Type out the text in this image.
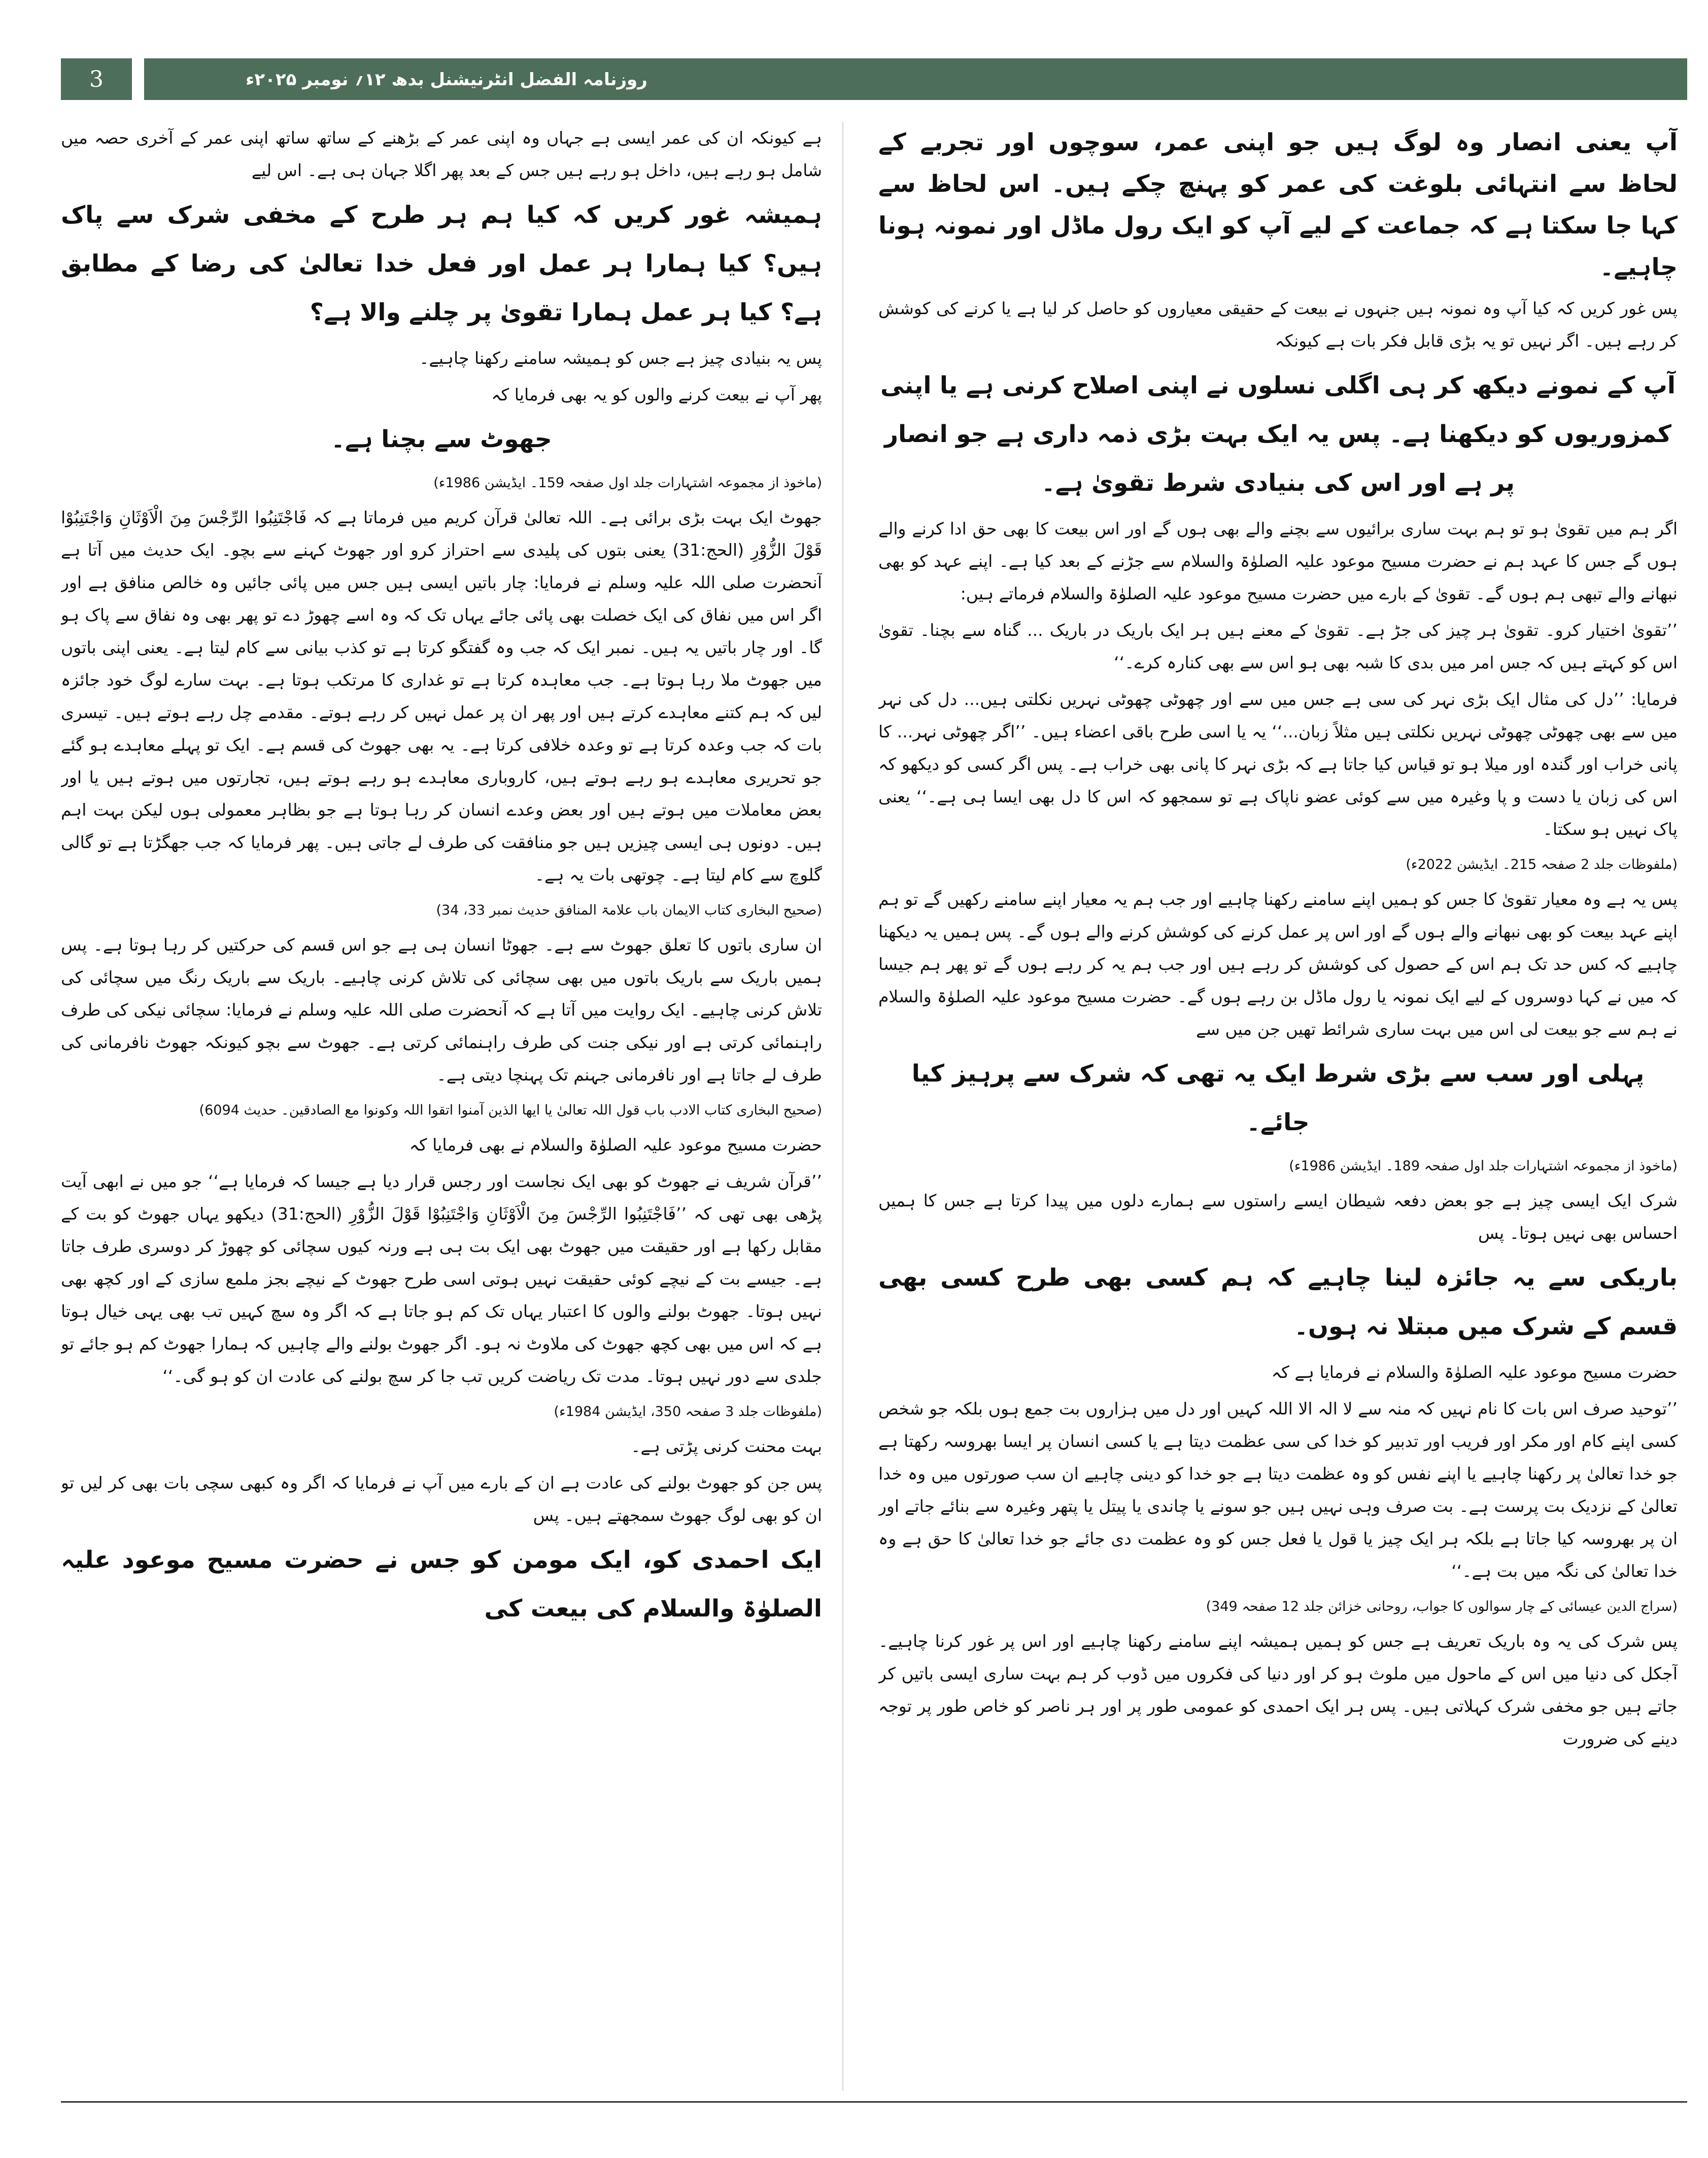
3	روزنامہ الفضل انٹرنیشنل بدھ ۱۲؍ نومبر ۲۰۲۵ء

آپ یعنی انصار وہ لوگ ہیں جو اپنی عمر، سوچوں اور تجربے کے لحاظ سے انتہائی بلوغت کی عمر کو پہنچ چکے ہیں۔ اس لحاظ سے کہا جا سکتا ہے کہ جماعت کے لیے آپ کو ایک رول ماڈل اور نمونہ ہونا چاہیے۔

پس غور کریں کہ کیا آپ وہ نمونہ ہیں جنہوں نے بیعت کے حقیقی معیاروں کو حاصل کر لیا ہے یا کرنے کی کوشش کر رہے ہیں۔ اگر نہیں تو یہ بڑی قابل فکر بات ہے کیونکہ

آپ کے نمونے دیکھ کر ہی اگلی نسلوں نے اپنی اصلاح کرنی ہے یا اپنی کمزوریوں کو دیکھنا ہے۔ پس یہ ایک بہت بڑی ذمہ داری ہے جو انصار پر ہے اور اس کی بنیادی شرط تقویٰ ہے۔

اگر ہم میں تقویٰ ہو تو ہم بہت ساری برائیوں سے بچنے والے بھی ہوں گے اور اس بیعت کا بھی حق ادا کرنے والے ہوں گے جس کا عہد ہم نے حضرت مسیح موعود علیہ الصلوٰۃ والسلام سے جڑنے کے بعد کیا ہے۔ اپنے عہد کو بھی نبھانے والے تبھی ہم ہوں گے۔ تقویٰ کے بارے میں حضرت مسیح موعود علیہ الصلوٰۃ والسلام فرماتے ہیں:

’’تقویٰ اختیار کرو۔ تقویٰ ہر چیز کی جڑ ہے۔ تقویٰ کے معنے ہیں ہر ایک باریک در باریک ... گناہ سے بچنا۔ تقویٰ اس کو کہتے ہیں کہ جس امر میں بدی کا شبہ بھی ہو اس سے بھی کنارہ کرے۔‘‘

فرمایا: ’’دل کی مثال ایک بڑی نہر کی سی ہے جس میں سے اور چھوٹی چھوٹی نہریں نکلتی ہیں... دل کی نہر میں سے بھی چھوٹی چھوٹی نہریں نکلتی ہیں مثلاً زبان...‘‘ یہ یا اسی طرح باقی اعضاء ہیں۔ ’’اگر چھوٹی نہر... کا پانی خراب اور گندہ اور میلا ہو تو قیاس کیا جاتا ہے کہ بڑی نہر کا پانی بھی خراب ہے۔ پس اگر کسی کو دیکھو کہ اس کی زبان یا دست و پا وغیرہ میں سے کوئی عضو ناپاک ہے تو سمجھو کہ اس کا دل بھی ایسا ہی ہے۔‘‘ یعنی پاک نہیں ہو سکتا۔

(ملفوظات جلد 2 صفحہ 215۔ ایڈیشن 2022ء)

پس یہ ہے وہ معیار تقویٰ کا جس کو ہمیں اپنے سامنے رکھنا چاہیے اور جب ہم یہ معیار اپنے سامنے رکھیں گے تو ہم اپنے عہد بیعت کو بھی نبھانے والے ہوں گے اور اس پر عمل کرنے کی کوشش کرنے والے ہوں گے۔ پس ہمیں یہ دیکھنا چاہیے کہ کس حد تک ہم اس کے حصول کی کوشش کر رہے ہیں اور جب ہم یہ کر رہے ہوں گے تو پھر ہم جیسا کہ میں نے کہا دوسروں کے لیے ایک نمونہ یا رول ماڈل بن رہے ہوں گے۔ حضرت مسیح موعود علیہ الصلوٰۃ والسلام نے ہم سے جو بیعت لی اس میں بہت ساری شرائط تھیں جن میں سے

پہلی اور سب سے بڑی شرط ایک یہ تھی کہ شرک سے پرہیز کیا جائے۔

(ماخوذ از مجموعہ اشتہارات جلد اول صفحہ 189۔ ایڈیشن 1986ء)

شرک ایک ایسی چیز ہے جو بعض دفعہ شیطان ایسے راستوں سے ہمارے دلوں میں پیدا کرتا ہے جس کا ہمیں احساس بھی نہیں ہوتا۔ پس

باریکی سے یہ جائزہ لینا چاہیے کہ ہم کسی بھی طرح کسی بھی قسم کے شرک میں مبتلا نہ ہوں۔

حضرت مسیح موعود علیہ الصلوٰۃ والسلام نے فرمایا ہے کہ

’’توحید صرف اس بات کا نام نہیں کہ منہ سے لا الہ الا اللہ کہیں اور دل میں ہزاروں بت جمع ہوں بلکہ جو شخص کسی اپنے کام اور مکر اور فریب اور تدبیر کو خدا کی سی عظمت دیتا ہے یا کسی انسان پر ایسا بھروسہ رکھتا ہے جو خدا تعالیٰ پر رکھنا چاہیے یا اپنے نفس کو وہ عظمت دیتا ہے جو خدا کو دینی چاہیے ان سب صورتوں میں وہ خدا تعالیٰ کے نزدیک بت پرست ہے۔ بت صرف وہی نہیں ہیں جو سونے یا چاندی یا پیتل یا پتھر وغیرہ سے بنائے جاتے اور ان پر بھروسہ کیا جاتا ہے بلکہ ہر ایک چیز یا قول یا فعل جس کو وہ عظمت دی جائے جو خدا تعالیٰ کا حق ہے وہ خدا تعالیٰ کی نگہ میں بت ہے۔‘‘

(سراج الدین عیسائی کے چار سوالوں کا جواب، روحانی خزائن جلد 12 صفحہ 349)

پس شرک کی یہ وہ باریک تعریف ہے جس کو ہمیں ہمیشہ اپنے سامنے رکھنا چاہیے اور اس پر غور کرنا چاہیے۔ آجکل کی دنیا میں اس کے ماحول میں ملوث ہو کر اور دنیا کی فکروں میں ڈوب کر ہم بہت ساری ایسی باتیں کر جاتے ہیں جو مخفی شرک کہلاتی ہیں۔ پس ہر ایک احمدی کو عمومی طور پر اور ہر ناصر کو خاص طور پر توجہ دینے کی ضرورت

ہے کیونکہ ان کی عمر ایسی ہے جہاں وہ اپنی عمر کے بڑھنے کے ساتھ ساتھ اپنی عمر کے آخری حصہ میں شامل ہو رہے ہیں، داخل ہو رہے ہیں جس کے بعد پھر اگلا جہان ہی ہے۔ اس لیے

ہمیشہ غور کریں کہ کیا ہم ہر طرح کے مخفی شرک سے پاک ہیں؟ کیا ہمارا ہر عمل اور فعل خدا تعالیٰ کی رضا کے مطابق ہے؟ کیا ہر عمل ہمارا تقویٰ پر چلنے والا ہے؟

پس یہ بنیادی چیز ہے جس کو ہمیشہ سامنے رکھنا چاہیے۔

پھر آپ نے بیعت کرنے والوں کو یہ بھی فرمایا کہ

جھوٹ سے بچنا ہے۔

(ماخوذ از مجموعہ اشتہارات جلد اول صفحہ 159۔ ایڈیشن 1986ء)

جھوٹ ایک بہت بڑی برائی ہے۔ اللہ تعالیٰ قرآن کریم میں فرماتا ہے کہ فَاجْتَنِبُوا الرِّجْسَ مِنَ الْاَوْثَانِ وَاجْتَنِبُوْا قَوْلَ الزُّوْرِ (الحج:31) یعنی بتوں کی پلیدی سے احتراز کرو اور جھوٹ کہنے سے بچو۔ ایک حدیث میں آتا ہے آنحضرت صلی اللہ علیہ وسلم نے فرمایا: چار باتیں ایسی ہیں جس میں پائی جائیں وہ خالص منافق ہے اور اگر اس میں نفاق کی ایک خصلت بھی پائی جائے یہاں تک کہ وہ اسے چھوڑ دے تو پھر بھی وہ نفاق سے پاک ہو گا۔ اور چار باتیں یہ ہیں۔ نمبر ایک کہ جب وہ گفتگو کرتا ہے تو کذب بیانی سے کام لیتا ہے۔ یعنی اپنی باتوں میں جھوٹ ملا رہا ہوتا ہے۔ جب معاہدہ کرتا ہے تو غداری کا مرتکب ہوتا ہے۔ بہت سارے لوگ خود جائزہ لیں کہ ہم کتنے معاہدے کرتے ہیں اور پھر ان پر عمل نہیں کر رہے ہوتے۔ مقدمے چل رہے ہوتے ہیں۔ تیسری بات کہ جب وعدہ کرتا ہے تو وعدہ خلافی کرتا ہے۔ یہ بھی جھوٹ کی قسم ہے۔ ایک تو پہلے معاہدے ہو گئے جو تحریری معاہدے ہو رہے ہوتے ہیں، کاروباری معاہدے ہو رہے ہوتے ہیں، تجارتوں میں ہوتے ہیں یا اور بعض معاملات میں ہوتے ہیں اور بعض وعدے انسان کر رہا ہوتا ہے جو بظاہر معمولی ہوں لیکن بہت اہم ہیں۔ دونوں ہی ایسی چیزیں ہیں جو منافقت کی طرف لے جاتی ہیں۔ پھر فرمایا کہ جب جھگڑتا ہے تو گالی گلوچ سے کام لیتا ہے۔ چوتھی بات یہ ہے۔

(صحیح البخاری کتاب الایمان باب علامۃ المنافق حدیث نمبر 33، 34)

ان ساری باتوں کا تعلق جھوٹ سے ہے۔ جھوٹا انسان ہی ہے جو اس قسم کی حرکتیں کر رہا ہوتا ہے۔ پس ہمیں باریک سے باریک باتوں میں بھی سچائی کی تلاش کرنی چاہیے۔ باریک سے باریک رنگ میں سچائی کی تلاش کرنی چاہیے۔ ایک روایت میں آتا ہے کہ آنحضرت صلی اللہ علیہ وسلم نے فرمایا: سچائی نیکی کی طرف راہنمائی کرتی ہے اور نیکی جنت کی طرف راہنمائی کرتی ہے۔ جھوٹ سے بچو کیونکہ جھوٹ نافرمانی کی طرف لے جاتا ہے اور نافرمانی جہنم تک پہنچا دیتی ہے۔

(صحیح البخاری کتاب الادب باب قول اللہ تعالیٰ یا ایھا الذین آمنوا اتقوا اللہ وکونوا مع الصادقین۔ حدیث 6094)

حضرت مسیح موعود علیہ الصلوٰۃ والسلام نے بھی فرمایا کہ

’’قرآن شریف نے جھوٹ کو بھی ایک نجاست اور رجس قرار دیا ہے جیسا کہ فرمایا ہے‘‘ جو میں نے ابھی آیت پڑھی بھی تھی کہ ’’فَاجْتَنِبُوا الرِّجْسَ مِنَ الْاَوْثَانِ وَاجْتَنِبُوْا قَوْلَ الزُّوْرِ (الحج:31) دیکھو یہاں جھوٹ کو بت کے مقابل رکھا ہے اور حقیقت میں جھوٹ بھی ایک بت ہی ہے ورنہ کیوں سچائی کو چھوڑ کر دوسری طرف جاتا ہے۔ جیسے بت کے نیچے کوئی حقیقت نہیں ہوتی اسی طرح جھوٹ کے نیچے بجز ملمع سازی کے اور کچھ بھی نہیں ہوتا۔ جھوٹ بولنے والوں کا اعتبار یہاں تک کم ہو جاتا ہے کہ اگر وہ سچ کہیں تب بھی یہی خیال ہوتا ہے کہ اس میں بھی کچھ جھوٹ کی ملاوٹ نہ ہو۔ اگر جھوٹ بولنے والے چاہیں کہ ہمارا جھوٹ کم ہو جائے تو جلدی سے دور نہیں ہوتا۔ مدت تک ریاضت کریں تب جا کر سچ بولنے کی عادت ان کو ہو گی۔‘‘

(ملفوظات جلد 3 صفحہ 350، ایڈیشن 1984ء)

بہت محنت کرنی پڑتی ہے۔

پس جن کو جھوٹ بولنے کی عادت ہے ان کے بارے میں آپ نے فرمایا کہ اگر وہ کبھی سچی بات بھی کر لیں تو ان کو بھی لوگ جھوٹ سمجھتے ہیں۔ پس

ایک احمدی کو، ایک مومن کو جس نے حضرت مسیح موعود علیہ الصلوٰۃ والسلام کی بیعت کی
